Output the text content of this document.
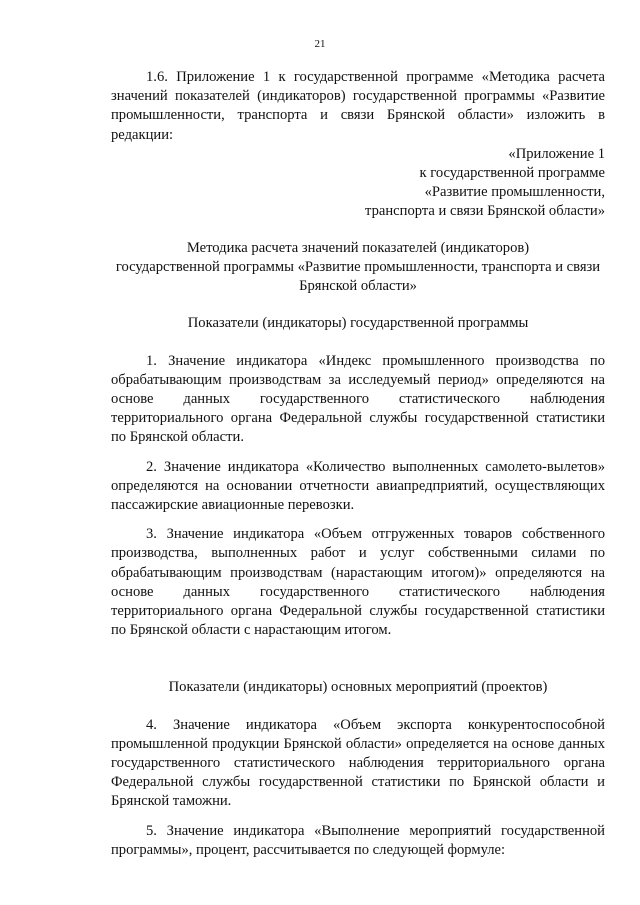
21

1.6. Приложение 1 к государственной программе «Методика расчета значений показателей (индикаторов) государственной программы «Развитие промышленности, транспорта и связи Брянской области» изложить в редакции:

«Приложение 1
к государственной программе
«Развитие промышленности,
транспорта и связи Брянской области»
Методика расчета значений показателей (индикаторов)
государственной программы «Развитие промышленности, транспорта и связи
Брянской области»

Показатели (индикаторы) государственной программы

1. Значение индикатора «Индекс промышленного производства по обрабатывающим производствам за исследуемый период» определяются на основе данных государственного статистического наблюдения территориального органа Федеральной службы государственной статистики по Брянской области.

2. Значение индикатора «Количество выполненных самолето-вылетов» определяются на основании отчетности авиапредприятий, осуществляющих пассажирские авиационные перевозки.

3. Значение индикатора «Объем отгруженных товаров собственного производства, выполненных работ и услуг собственными силами по обрабатывающим производствам (нарастающим итогом)» определяются на основе данных государственного статистического наблюдения территориального органа Федеральной службы государственной статистики по Брянской области с нарастающим итогом.

Показатели (индикаторы) основных мероприятий (проектов)

4. Значение индикатора «Объем экспорта конкурентоспособной промышленной продукции Брянской области» определяется на основе данных государственного статистического наблюдения территориального органа Федеральной службы государственной статистики по Брянской области и Брянской таможни.

5. Значение индикатора «Выполнение мероприятий государственной программы», процент, рассчитывается по следующей формуле:
